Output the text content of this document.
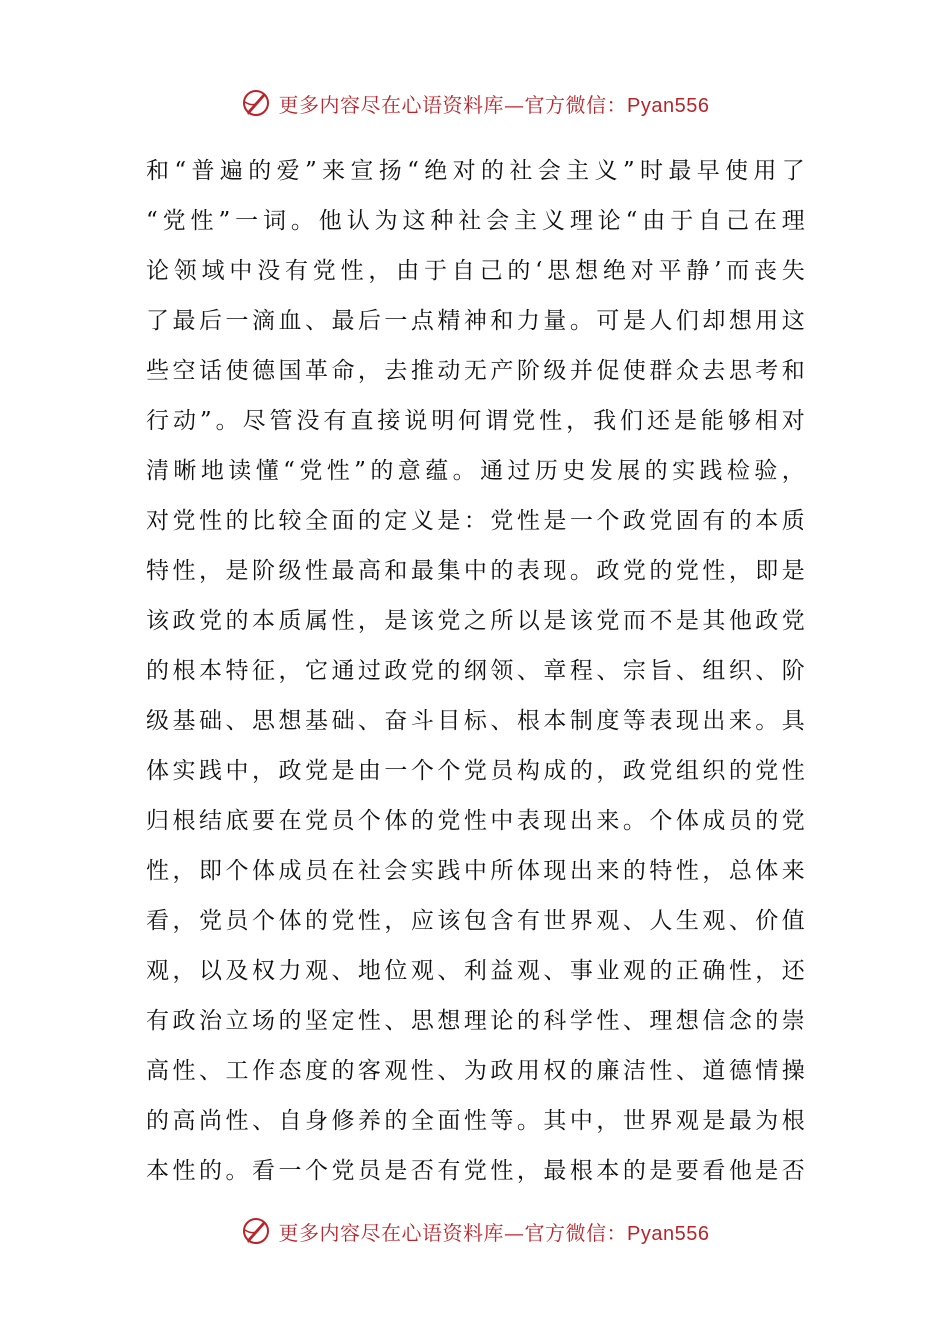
更多内容尽在心语资料库—官方微信：Pyan556
和“普遍的爱”来宣扬“绝对的社会主义”时最早使用了
“党性”一词。他认为这种社会主义理论“由于自己在理
论领域中没有党性，由于自己的‘思想绝对平静’而丧失
了最后一滴血、最后一点精神和力量。可是人们却想用这
些空话使德国革命，去推动无产阶级并促使群众去思考和
行动”。尽管没有直接说明何谓党性，我们还是能够相对
清晰地读懂“党性”的意蕴。通过历史发展的实践检验，
对党性的比较全面的定义是：党性是一个政党固有的本质
特性，是阶级性最高和最集中的表现。政党的党性，即是
该政党的本质属性，是该党之所以是该党而不是其他政党
的根本特征，它通过政党的纲领、章程、宗旨、组织、阶
级基础、思想基础、奋斗目标、根本制度等表现出来。具
体实践中，政党是由一个个党员构成的，政党组织的党性
归根结底要在党员个体的党性中表现出来。个体成员的党
性，即个体成员在社会实践中所体现出来的特性，总体来
看，党员个体的党性，应该包含有世界观、人生观、价值
观，以及权力观、地位观、利益观、事业观的正确性，还
有政治立场的坚定性、思想理论的科学性、理想信念的崇
高性、工作态度的客观性、为政用权的廉洁性、道德情操
的高尚性、自身修养的全面性等。其中，世界观是最为根
本性的。看一个党员是否有党性，最根本的是要看他是否
更多内容尽在心语资料库—官方微信：Pyan556
